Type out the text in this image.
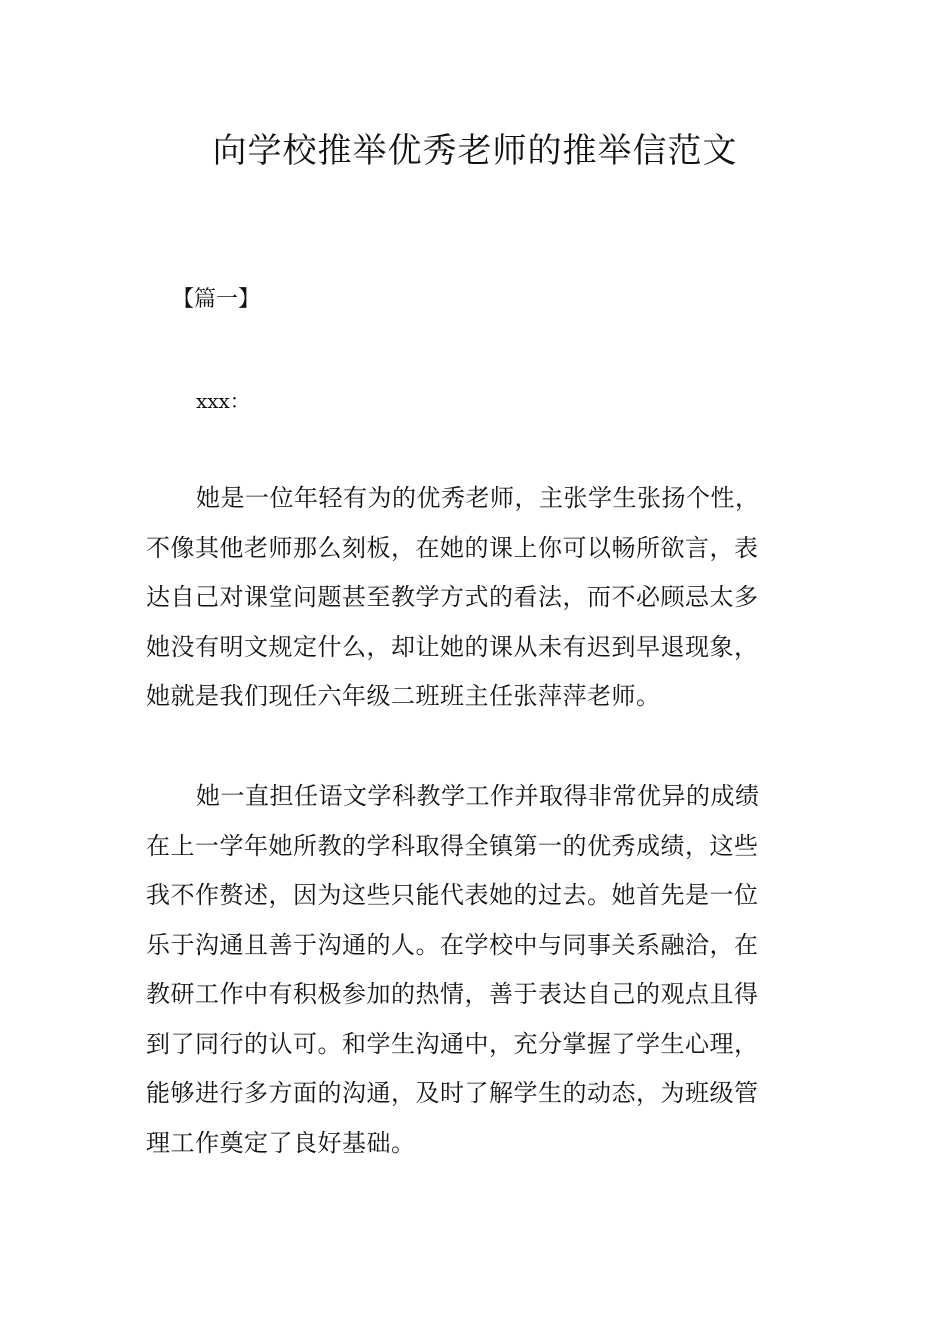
向学校推举优秀老师的推举信范文
【篇一】
xxx：

她是一位年轻有为的优秀老师，主张学生张扬个性，
不像其他老师那么刻板，在她的课上你可以畅所欲言，表
达自己对课堂问题甚至教学方式的看法，而不必顾忌太多
她没有明文规定什么，却让她的课从未有迟到早退现象，
她就是我们现任六年级二班班主任张萍萍老师。

她一直担任语文学科教学工作并取得非常优异的成绩
在上一学年她所教的学科取得全镇第一的优秀成绩，这些
我不作赘述，因为这些只能代表她的过去。她首先是一位
乐于沟通且善于沟通的人。在学校中与同事关系融洽，在
教研工作中有积极参加的热情，善于表达自己的观点且得
到了同行的认可。和学生沟通中，充分掌握了学生心理，
能够进行多方面的沟通，及时了解学生的动态，为班级管
理工作奠定了良好基础。
